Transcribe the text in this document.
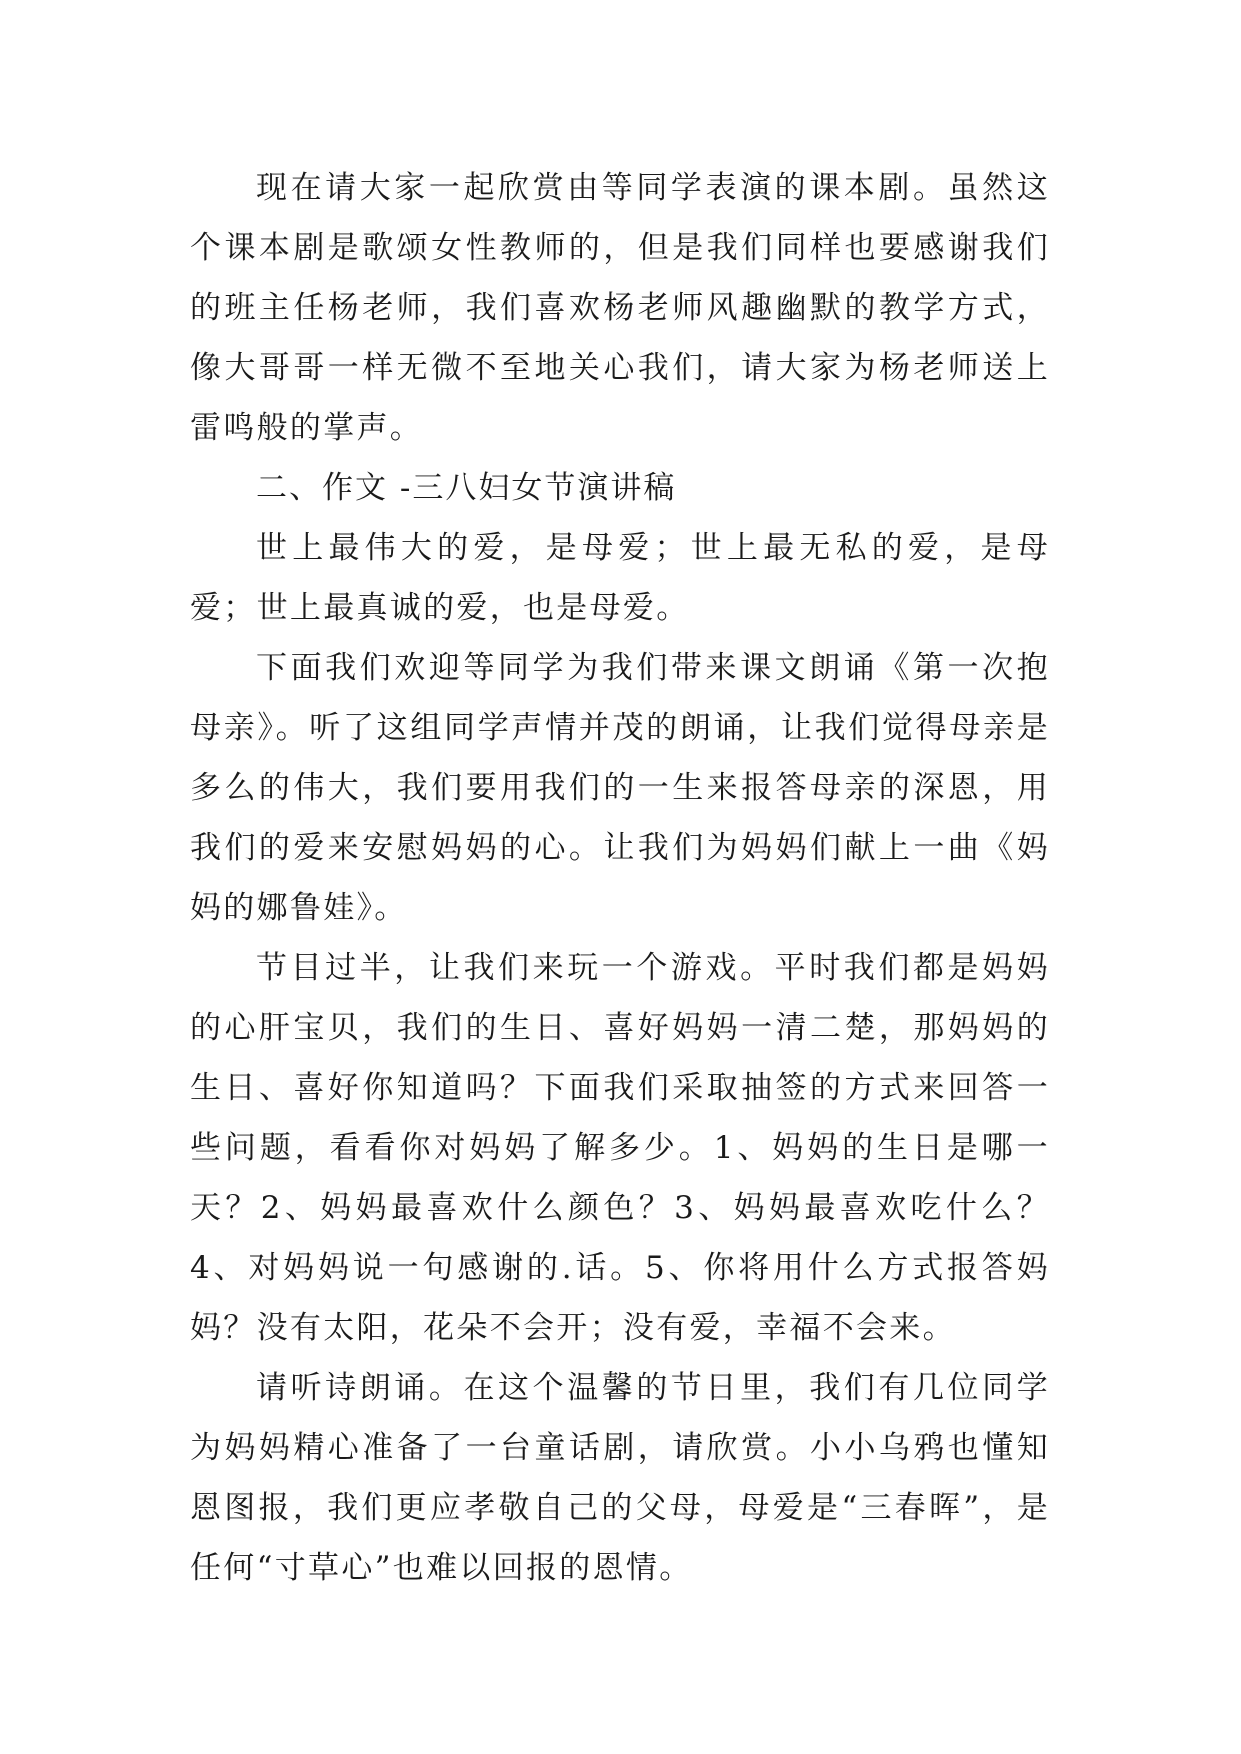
现在请大家一起欣赏由等同学表演的课本剧。虽然这个课本剧是歌颂女性教师的，但是我们同样也要感谢我们的班主任杨老师，我们喜欢杨老师风趣幽默的教学方式，像大哥哥一样无微不至地关心我们，请大家为杨老师送上雷鸣般的掌声。

二、作文 -三八妇女节演讲稿

世上最伟大的爱，是母爱；世上最无私的爱，是母爱；世上最真诚的爱，也是母爱。

下面我们欢迎等同学为我们带来课文朗诵《第一次抱母亲》。听了这组同学声情并茂的朗诵，让我们觉得母亲是多么的伟大，我们要用我们的一生来报答母亲的深恩，用我们的爱来安慰妈妈的心。让我们为妈妈们献上一曲《妈妈的娜鲁娃》。

节目过半，让我们来玩一个游戏。平时我们都是妈妈的心肝宝贝，我们的生日、喜好妈妈一清二楚，那妈妈的生日、喜好你知道吗？下面我们采取抽签的方式来回答一些问题，看看你对妈妈了解多少。1、妈妈的生日是哪一天？2、妈妈最喜欢什么颜色？3、妈妈最喜欢吃什么？4、对妈妈说一句感谢的.话。5、你将用什么方式报答妈妈？没有太阳，花朵不会开；没有爱，幸福不会来。

请听诗朗诵。在这个温馨的节日里，我们有几位同学为妈妈精心准备了一台童话剧，请欣赏。小小乌鸦也懂知恩图报，我们更应孝敬自己的父母，母爱是“三春晖”，是任何“寸草心”也难以回报的恩情。
